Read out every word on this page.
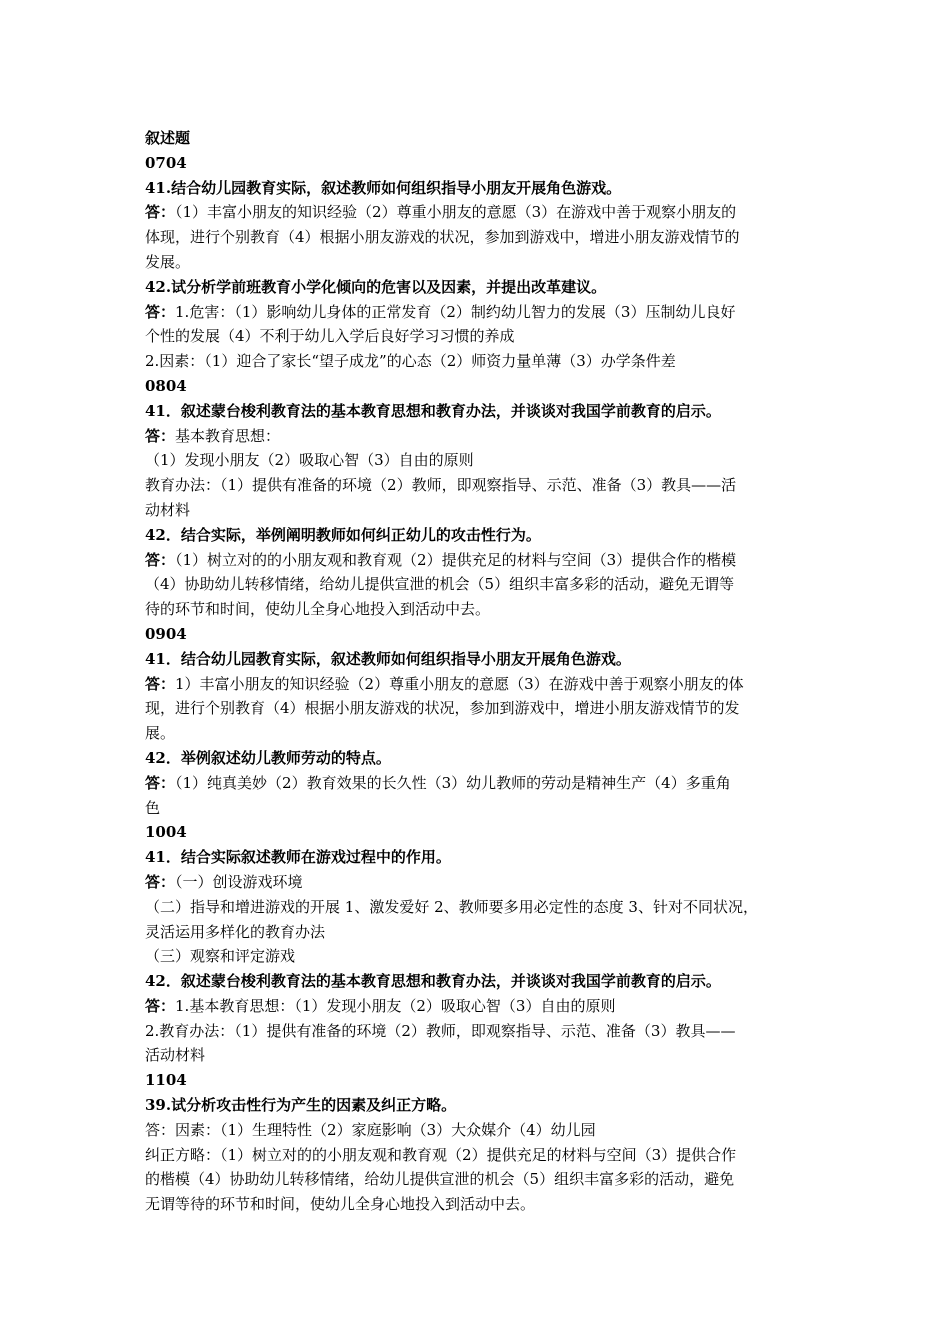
叙述题
0704
41.结合幼儿园教育实际，叙述教师如何组织指导小朋友开展角色游戏。
答：（1）丰富小朋友的知识经验（2）尊重小朋友的意愿（3）在游戏中善于观察小朋友的
体现，进行个别教育（4）根据小朋友游戏的状况，参加到游戏中，增进小朋友游戏情节的
发展。
42.试分析学前班教育小学化倾向的危害以及因素，并提出改革建议。
答：1.危害：（1）影响幼儿身体的正常发育（2）制约幼儿智力的发展（3）压制幼儿良好
个性的发展（4）不利于幼儿入学后良好学习习惯的养成
2.因素：（1）迎合了家长“望子成龙”的心态（2）师资力量单薄（3）办学条件差
0804
41．叙述蒙台梭利教育法的基本教育思想和教育办法，并谈谈对我国学前教育的启示。
答：基本教育思想：
（1）发现小朋友（2）吸取心智（3）自由的原则
教育办法：（1）提供有准备的环境（2）教师，即观察指导、示范、准备（3）教具——活
动材料
42．结合实际，举例阐明教师如何纠正幼儿的攻击性行为。
答：（1）树立对的的小朋友观和教育观（2）提供充足的材料与空间（3）提供合作的楷模
（4）协助幼儿转移情绪，给幼儿提供宣泄的机会（5）组织丰富多彩的活动，避免无谓等
待的环节和时间，使幼儿全身心地投入到活动中去。
0904
41．结合幼儿园教育实际，叙述教师如何组织指导小朋友开展角色游戏。
答：1）丰富小朋友的知识经验（2）尊重小朋友的意愿（3）在游戏中善于观察小朋友的体
现，进行个别教育（4）根据小朋友游戏的状况，参加到游戏中，增进小朋友游戏情节的发
展。
42．举例叙述幼儿教师劳动的特点。
答：（1）纯真美妙（2）教育效果的长久性（3）幼儿教师的劳动是精神生产（4）多重角
色
1004
41．结合实际叙述教师在游戏过程中的作用。
答：（一）创设游戏环境
（二）指导和增进游戏的开展 1、激发爱好 2、教师要多用必定性的态度 3、针对不同状况，
灵活运用多样化的教育办法
（三）观察和评定游戏
42．叙述蒙台梭利教育法的基本教育思想和教育办法，并谈谈对我国学前教育的启示。
答：1.基本教育思想：（1）发现小朋友（2）吸取心智（3）自由的原则
2.教育办法：（1）提供有准备的环境（2）教师，即观察指导、示范、准备（3）教具——
活动材料
1104
39.试分析攻击性行为产生的因素及纠正方略。
答：因素：（1）生理特性（2）家庭影响（3）大众媒介（4）幼儿园
纠正方略：（1）树立对的的小朋友观和教育观（2）提供充足的材料与空间（3）提供合作
的楷模（4）协助幼儿转移情绪，给幼儿提供宣泄的机会（5）组织丰富多彩的活动，避免
无谓等待的环节和时间，使幼儿全身心地投入到活动中去。
